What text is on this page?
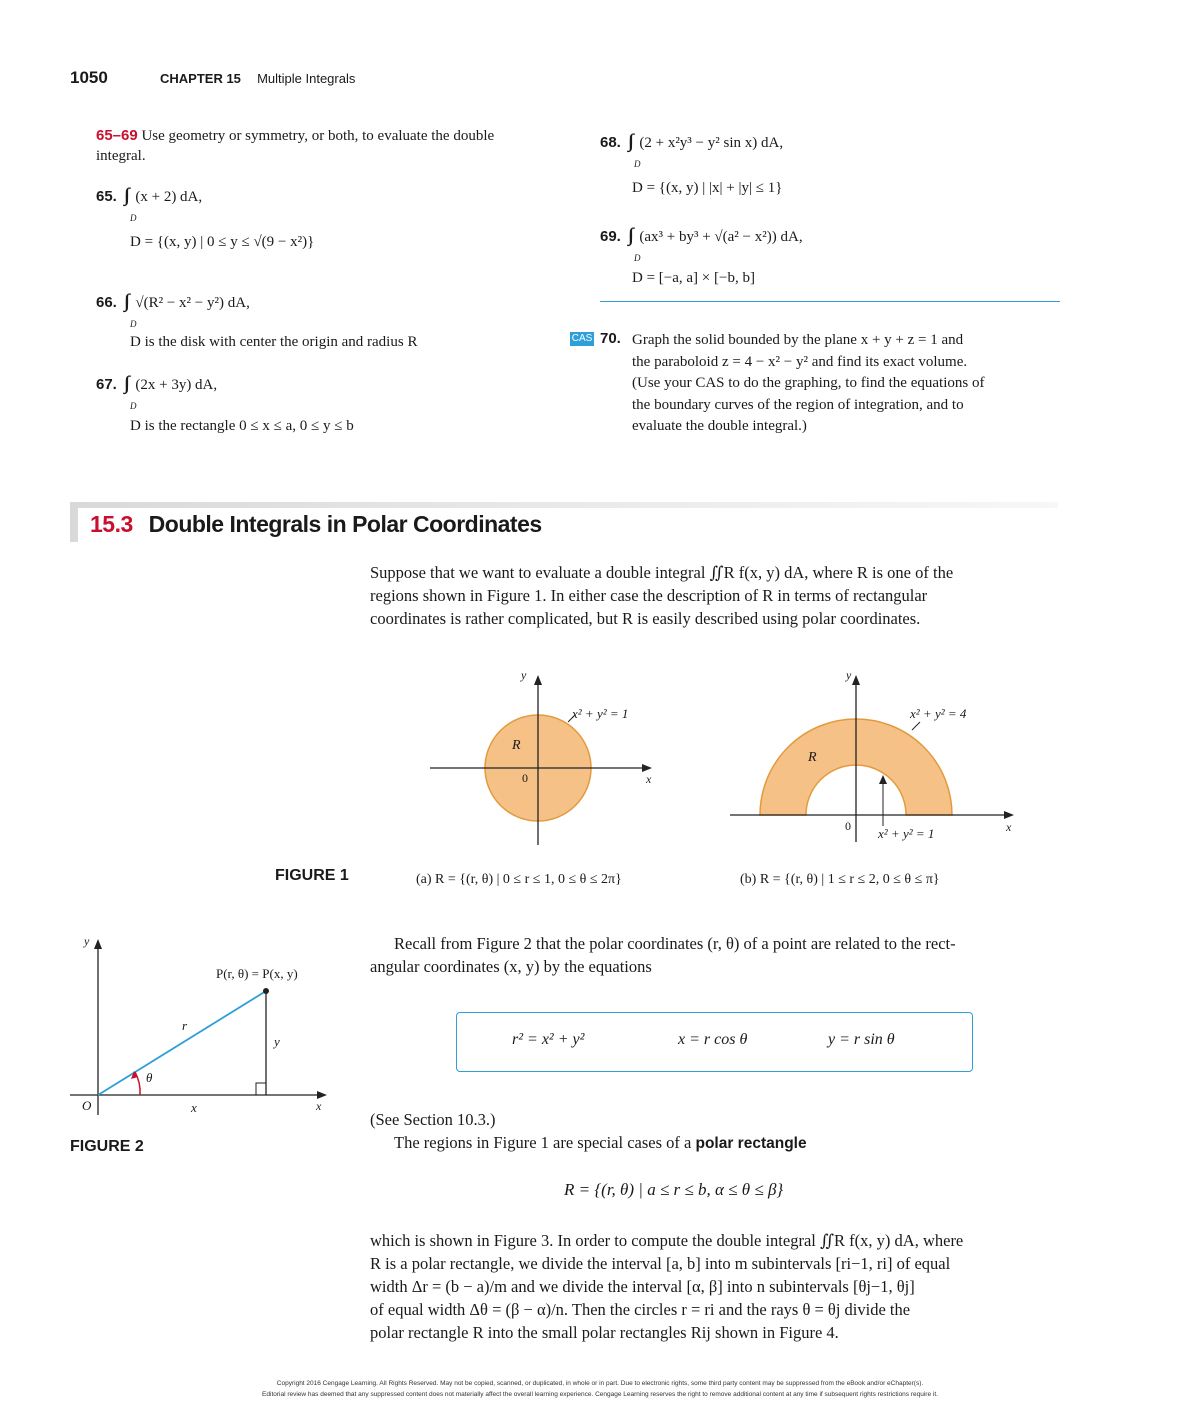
1050	CHAPTER 15 Multiple Integrals
65–69 Use geometry or symmetry, or both, to evaluate the double integral.
65. (x + 2) dA,
D
D = {(x, y) | 0 ≤ y ≤ √(9 − x²)}
66. √(R² − x² − y²) dA,
D
D is the disk with center the origin and radius R
67. (2x + 3y) dA,
D
D is the rectangle 0 ≤ x ≤ a, 0 ≤ y ≤ b
68. (2 + x²y³ − y² sin x) dA,
D
D = {(x, y) | |x| + |y| ≤ 1}
69. (ax³ + by³ + √(a² − x²)) dA,
D
D = [−a, a] × [−b, b]
CAS 70. Graph the solid bounded by the plane x + y + z = 1 and
the paraboloid z = 4 − x² − y² and find its exact volume.
(Use your CAS to do the graphing, to find the equations of
the boundary curves of the region of integration, and to
evaluate the double integral.)
15.3 Double Integrals in Polar Coordinates
Suppose that we want to evaluate a double integral ∬R f(x, y) dA, where R is one of the
regions shown in Figure 1. In either case the description of R in terms of rectangular
coordinates is rather complicated, but R is easily described using polar coordinates.
y
x
0
R
x² + y² = 1
(a) R = {(r, θ) | 0 ≤ r ≤ 1, 0 ≤ θ ≤ 2π}
y
x
0
R
x² + y² = 4
x² + y² = 1
(b) R = {(r, θ) | 1 ≤ r ≤ 2, 0 ≤ θ ≤ π}
FIGURE 1
y
x
O
P(r, θ) = P(x, y)
r
θ
x
y
FIGURE 2
Recall from Figure 2 that the polar coordinates (r, θ) of a point are related to the rect-
angular coordinates (x, y) by the equations
r² = x² + y²	x = r cos θ	y = r sin θ
(See Section 10.3.)
The regions in Figure 1 are special cases of a polar rectangle
R = {(r, θ) | a ≤ r ≤ b, α ≤ θ ≤ β}
which is shown in Figure 3. In order to compute the double integral ∬R f(x, y) dA, where
R is a polar rectangle, we divide the interval [a, b] into m subintervals [ri−1, ri] of equal
width Δr = (b − a)/m and we divide the interval [α, β] into n subintervals [θj−1, θj]
of equal width Δθ = (β − α)/n. Then the circles r = ri and the rays θ = θj divide the
polar rectangle R into the small polar rectangles Rij shown in Figure 4.
Copyright 2016 Cengage Learning. All Rights Reserved. May not be copied, scanned, or duplicated, in whole or in part. Due to electronic rights, some third party content may be suppressed from the eBook and/or eChapter(s).
Editorial review has deemed that any suppressed content does not materially affect the overall learning experience. Cengage Learning reserves the right to remove additional content at any time if subsequent rights restrictions require it.
